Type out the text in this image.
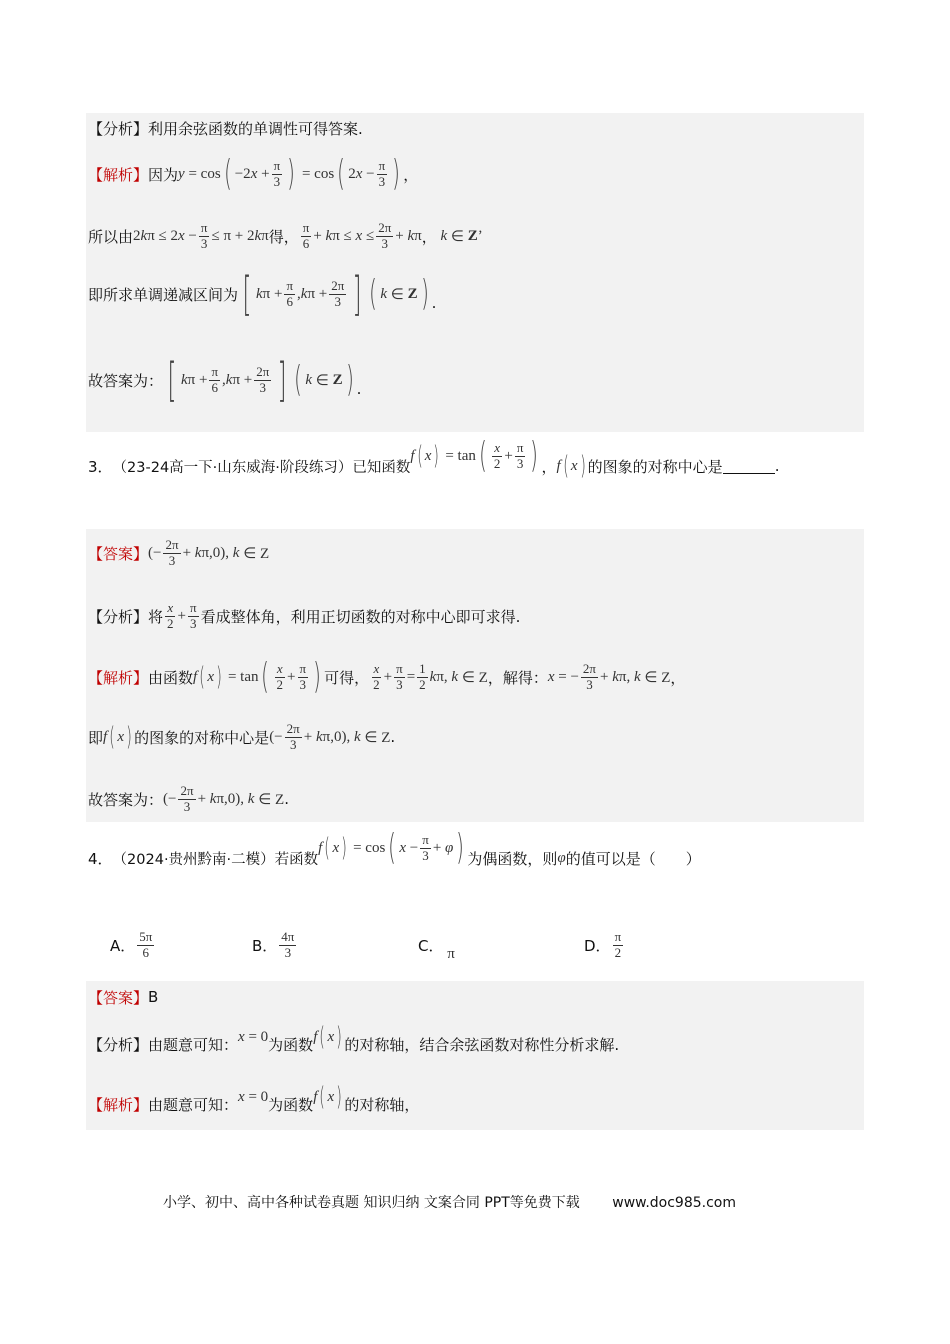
【分析】 利用余弦函数的单调性可得答案.
【解析】 因为 y = cos ( −2 $x + \frac{\pi}{3}$ ) = cos ( 2 $x - \frac{\pi}{3}$ ) ，
所以由 2 k π ≤ 2 $x - \frac{\pi}{3} \le \pi + 2$ k π 得， $\frac{\pi}{6} + k$ $\pi \le x \le \frac{2\pi}{3} + k$ π ，
k ∈ Z ’
即所求单调递减区间为 [ k $\pi + \frac{\pi}{6}$ , k $\pi + \frac{2\pi}{3}$ ] ( k ∈ Z ) .
故答案为： [ k $\pi + \frac{\pi}{6}$ , k $\pi + \frac{2\pi}{3}$ ] ( k ∈ Z ) .
3． （23-24高一下·山东威海·阶段练习）已知函数
f ( x ) = tan ( $\frac{x}{2} + \frac{\pi}{3}$ ) ， f ( x ) 的图象的对称中心是	.
【答案】 (− $\frac{2\pi}{3} + k$ π,0), k ∈ Z
【分析】 将 $\frac{x}{2} + \frac{\pi}{3}$ 看成整体角，利用正切函数的对称中心即可求得.
【解析】 由函数 f ( x ) = tan ( $\frac{x}{2} + \frac{\pi}{3}$ ) 可得， $\frac{x}{2} + \frac{\pi}{3} = \frac{1}{2}$ k π, k ∈ Z ，解得： x = − $\frac{2\pi}{3} + k$ π, k ∈ Z ，
即 f ( x ) 的图象的对称中心是 (− $\frac{2\pi}{3} + k$ π,0), k ∈ Z .
故答案为： (− $\frac{2\pi}{3} + k$ π,0), k ∈ Z .
4． （2024·贵州黔南·二模）若函数
f ( x ) = cos ( $x - \frac{\pi}{3} + \varphi$ ) 为偶函数，则 φ 的值可以是（　　）
A． $\frac{5\pi}{6}$	B． $\frac{4\pi}{3}$	C． π	D． $\frac{\pi}{2}$
【答案】 B
【分析】 由题意可知： x = 0 为函数 f ( x ) 的对称轴，结合余弦函数对称性分析求解.
【解析】 由题意可知： x = 0 为函数 f ( x ) 的对称轴，
小学、初中、高中各种试卷真题 知识归纳 文案合同 PPT等免费下载 www.doc985.com
